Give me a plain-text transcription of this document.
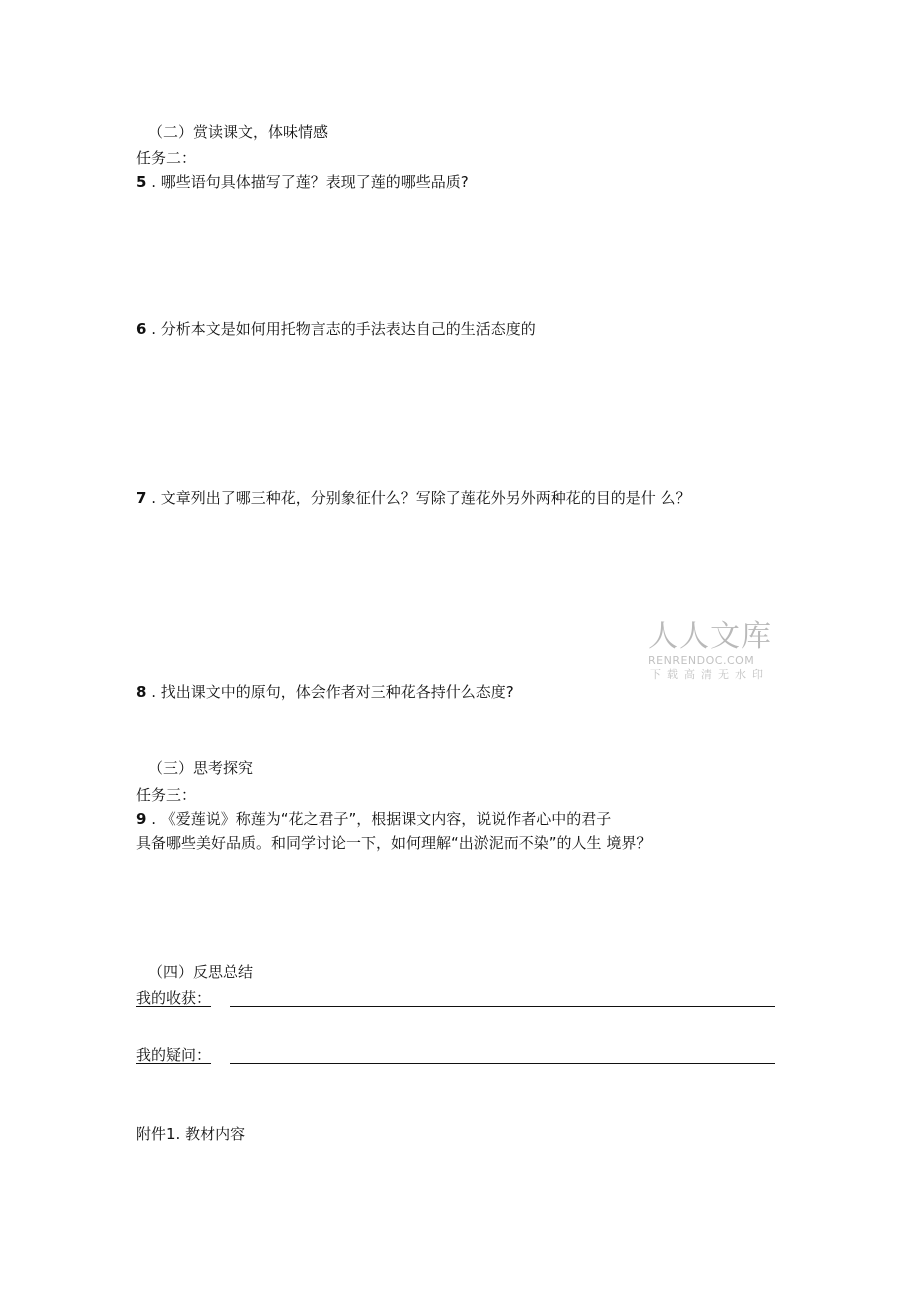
（二）赏读课文，体味情感
任务二：
5 . 哪些语句具体描写了莲？表现了莲的哪些品质?
6 . 分析本文是如何用托物言志的手法表达自己的生活态度的
7 . 文章列出了哪三种花，分别象征什么？写除了莲花外另外两种花的目的是什 么？
人人文库
RENRENDOC.COM
下载高清无水印
8 . 找出课文中的原句，体会作者对三种花各持什么态度?
（三）思考探究
任务三：
9 . 《爱莲说》称莲为“花之君子”，根据课文内容，说说作者心中的君子
具备哪些美好品质。和同学讨论一下，如何理解“出淤泥而不染”的人生 境界？
（四）反思总结
我的收获：
我的疑问：
附件1. 教材内容
